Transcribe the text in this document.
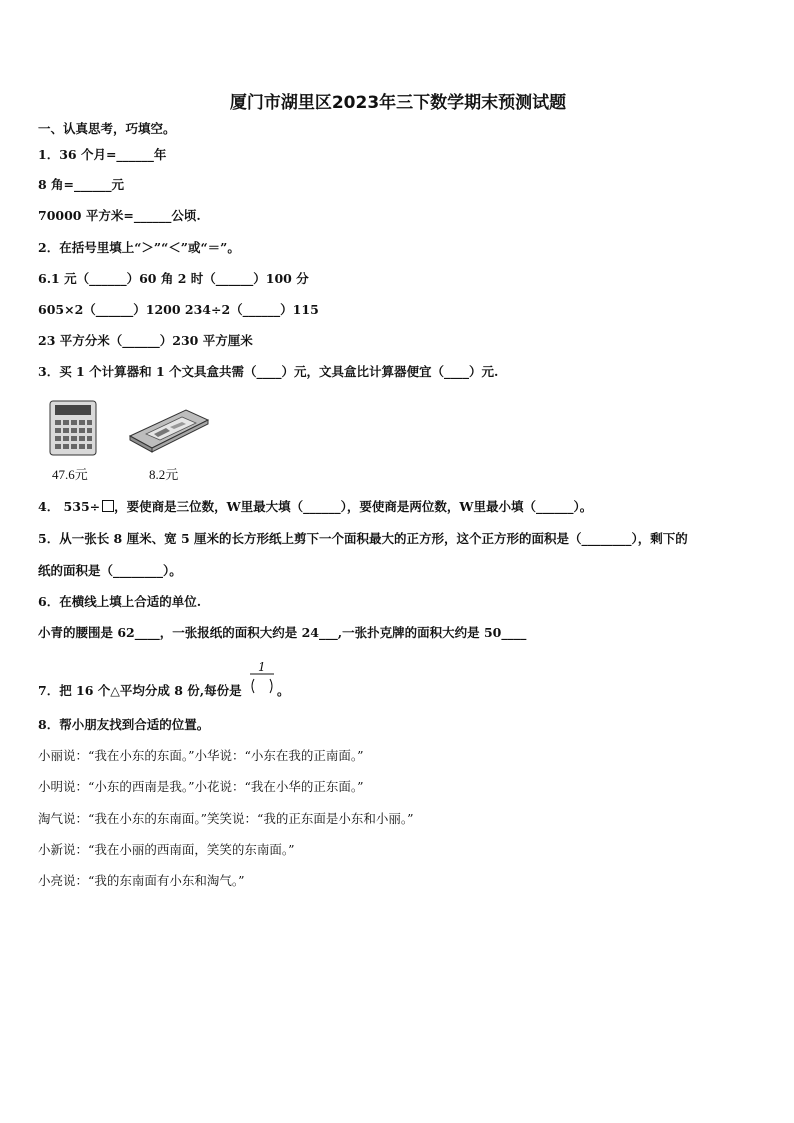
厦门市湖里区2023年三下数学期末预测试题
一、认真思考，巧填空。
1．36 个月=______年
8 角=______元
70000 平方米=______公顷.
2．在括号里填上“＞”“＜”或“＝”。
6.1 元（______）60 角 2 时（______）100 分
605×2（______）1200 234÷2（______）115
23 平方分米（______）230 平方厘米
3．买 1 个计算器和 1 个文具盒共需（____）元，文具盒比计算器便宜（____）元.
47.6元	8.2元
4． 535÷ ，要使商是三位数，W里最大填（______），要使商是两位数，W里最小填（______）。
5．从一张长 8 厘米、宽 5 厘米的长方形纸上剪下一个面积最大的正方形，这个正方形的面积是（________），剩下的
纸的面积是（________）。
6．在横线上填上合适的单位.
小青的腰围是 62____，一张报纸的面积大约是 24___,一张扑克牌的面积大约是 50____
7．把 16 个△平均分成 8 份,每份是
1
。
8．帮小朋友找到合适的位置。
小丽说：“我在小东的东面。”小华说：“小东在我的正南面。”
小明说：“小东的西南是我。”小花说：“我在小华的正东面。”
淘气说：“我在小东的东南面。”笑笑说：“我的正东面是小东和小丽。”
小新说：“我在小丽的西南面，笑笑的东南面。”
小亮说：“我的东南面有小东和淘气。”
